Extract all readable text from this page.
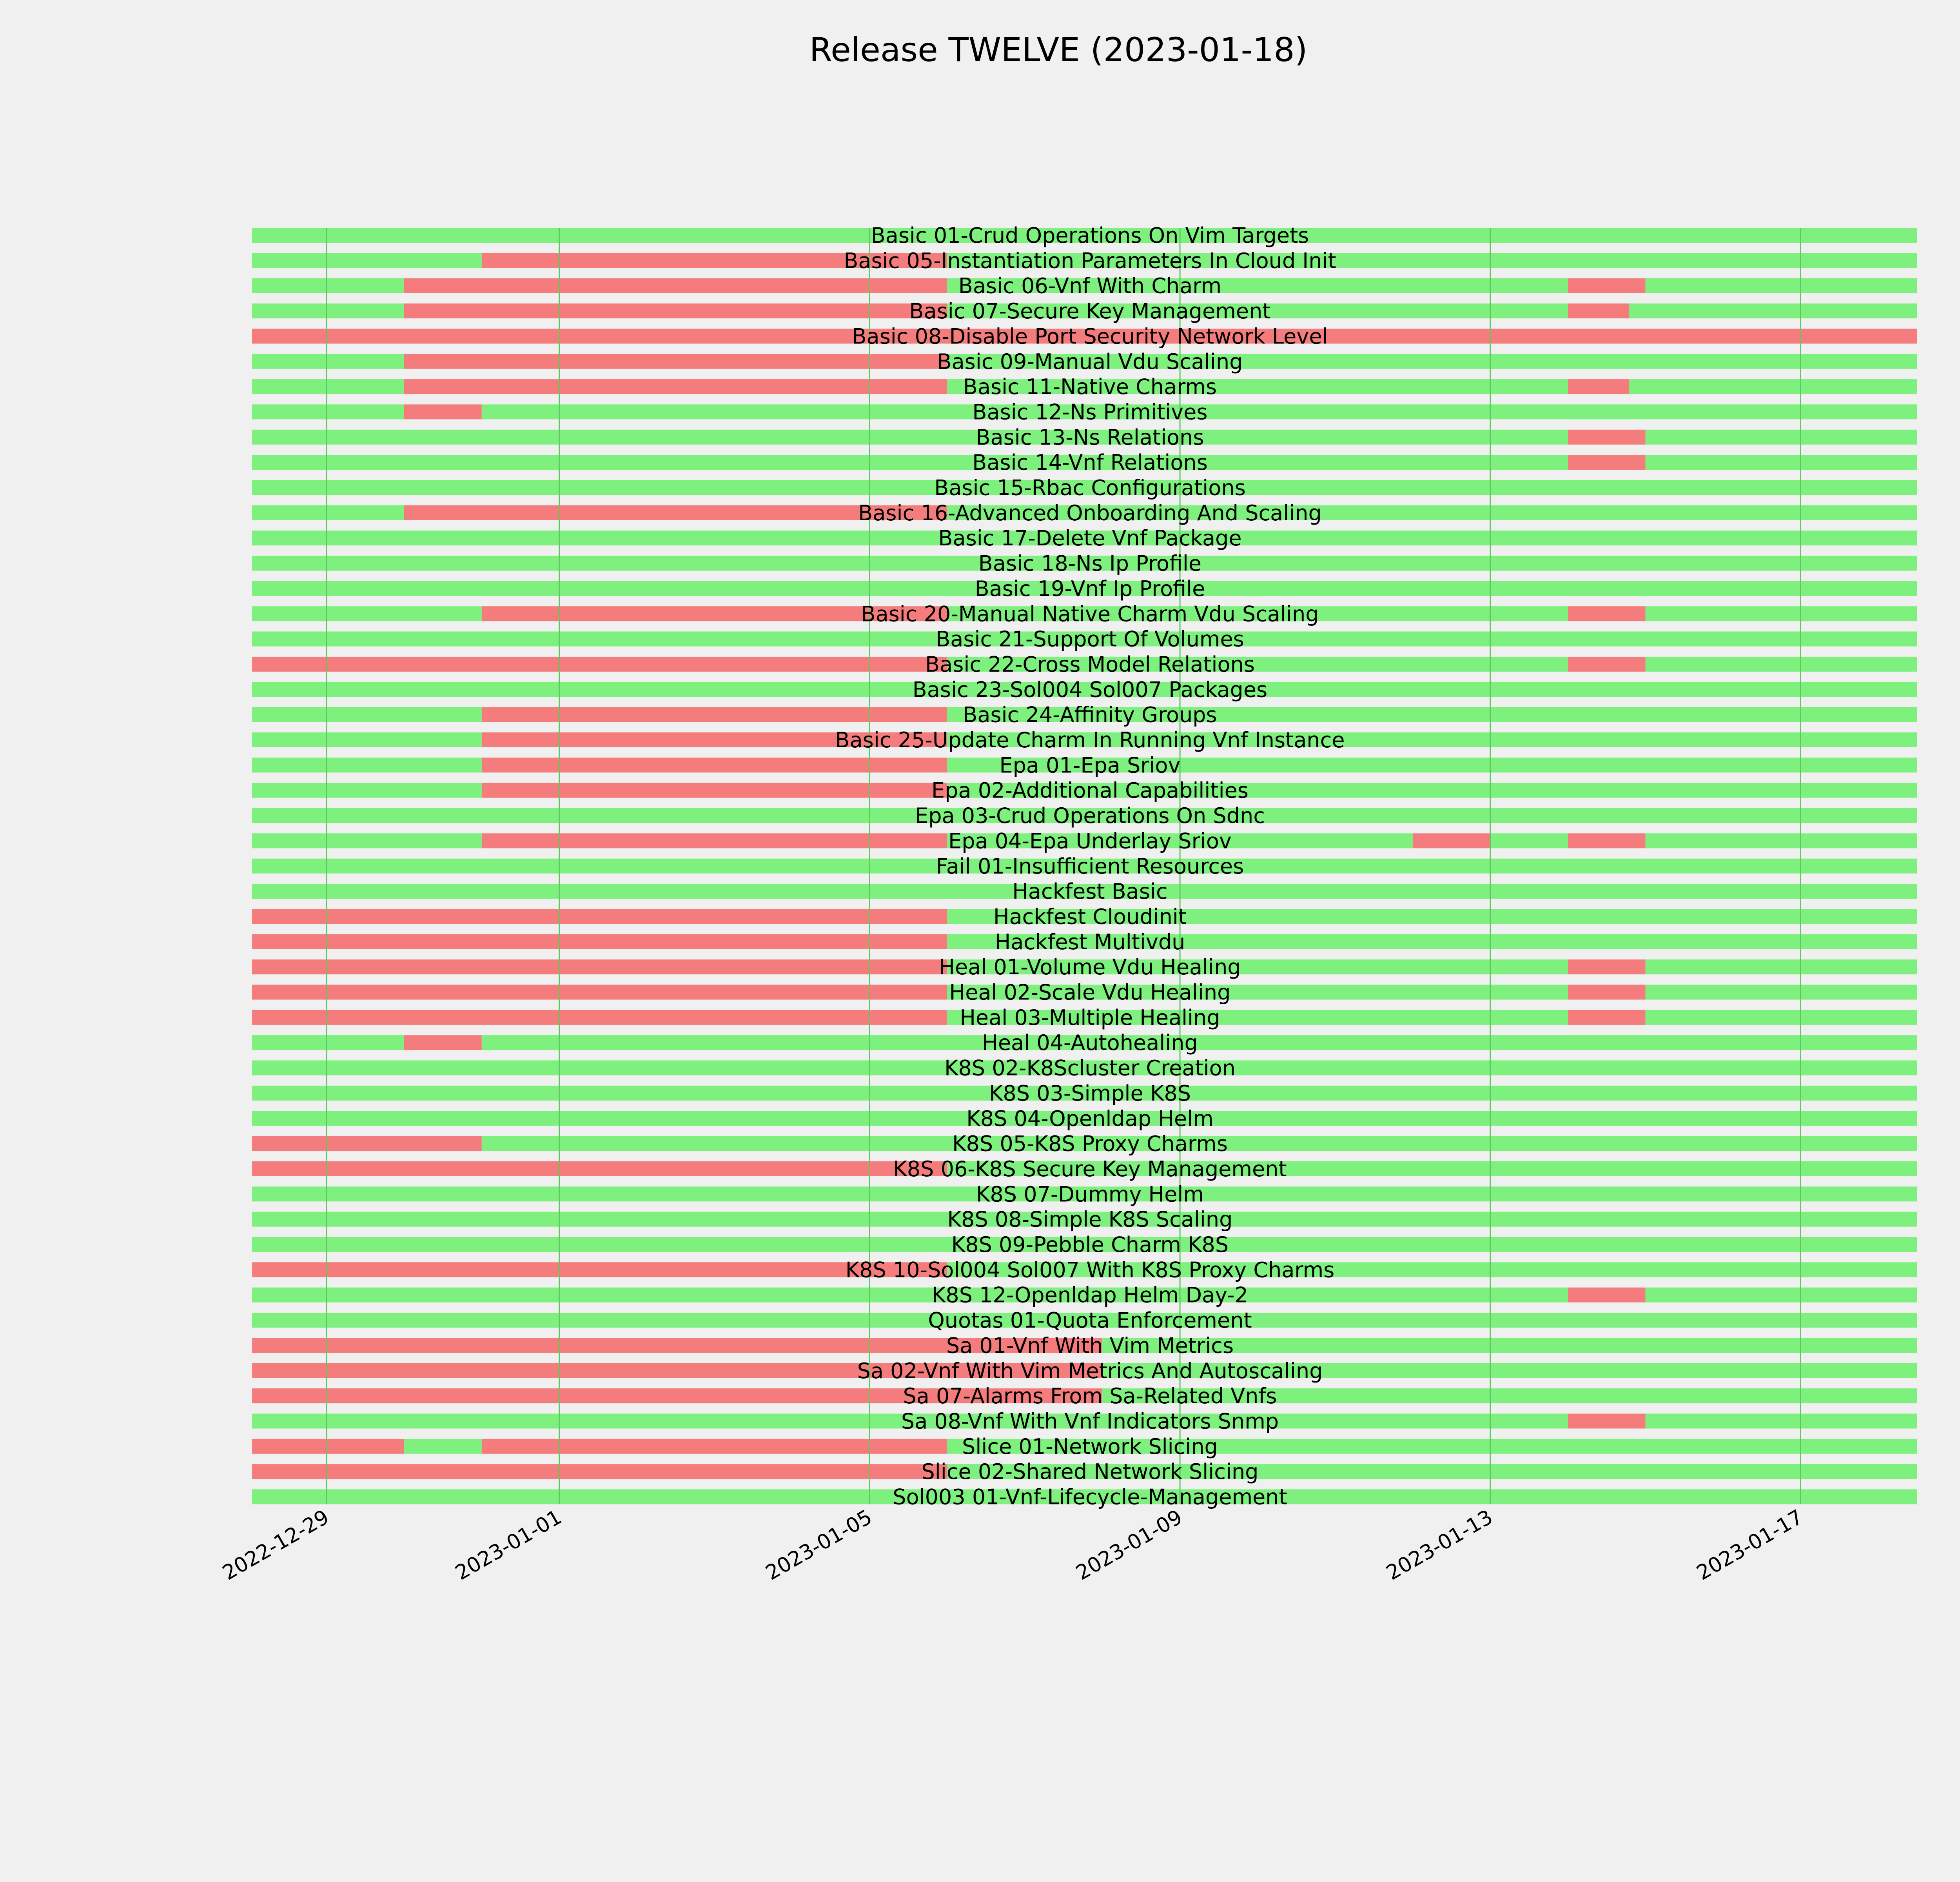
Release TWELVE (2023-01-18)
Basic 01-Crud Operations On Vim Targets
Basic 05-Instantiation Parameters In Cloud Init
Basic 06-Vnf With Charm
Basic 07-Secure Key Management
Basic 08-Disable Port Security Network Level
Basic 09-Manual Vdu Scaling
Basic 11-Native Charms
Basic 12-Ns Primitives
Basic 13-Ns Relations
Basic 14-Vnf Relations
Basic 15-Rbac Configurations
Basic 16-Advanced Onboarding And Scaling
Basic 17-Delete Vnf Package
Basic 18-Ns Ip Profile
Basic 19-Vnf Ip Profile
Basic 20-Manual Native Charm Vdu Scaling
Basic 21-Support Of Volumes
Basic 22-Cross Model Relations
Basic 23-Sol004 Sol007 Packages
Basic 24-Affinity Groups
Basic 25-Update Charm In Running Vnf Instance
Epa 01-Epa Sriov
Epa 02-Additional Capabilities
Epa 03-Crud Operations On Sdnc
Epa 04-Epa Underlay Sriov
Fail 01-Insufficient Resources
Hackfest Basic
Hackfest Cloudinit
Hackfest Multivdu
Heal 01-Volume Vdu Healing
Heal 02-Scale Vdu Healing
Heal 03-Multiple Healing
Heal 04-Autohealing
K8S 02-K8Scluster Creation
K8S 03-Simple K8S
K8S 04-Openldap Helm
K8S 05-K8S Proxy Charms
K8S 06-K8S Secure Key Management
K8S 07-Dummy Helm
K8S 08-Simple K8S Scaling
K8S 09-Pebble Charm K8S
K8S 10-Sol004 Sol007 With K8S Proxy Charms
K8S 12-Openldap Helm Day-2
Quotas 01-Quota Enforcement
Sa 01-Vnf With Vim Metrics
Sa 02-Vnf With Vim Metrics And Autoscaling
Sa 07-Alarms From Sa-Related Vnfs
Sa 08-Vnf With Vnf Indicators Snmp
Slice 01-Network Slicing
Slice 02-Shared Network Slicing
Sol003 01-Vnf-Lifecycle-Management
2022-12-29	2023-01-01	2023-01-05	2023-01-09	2023-01-13	2023-01-17
